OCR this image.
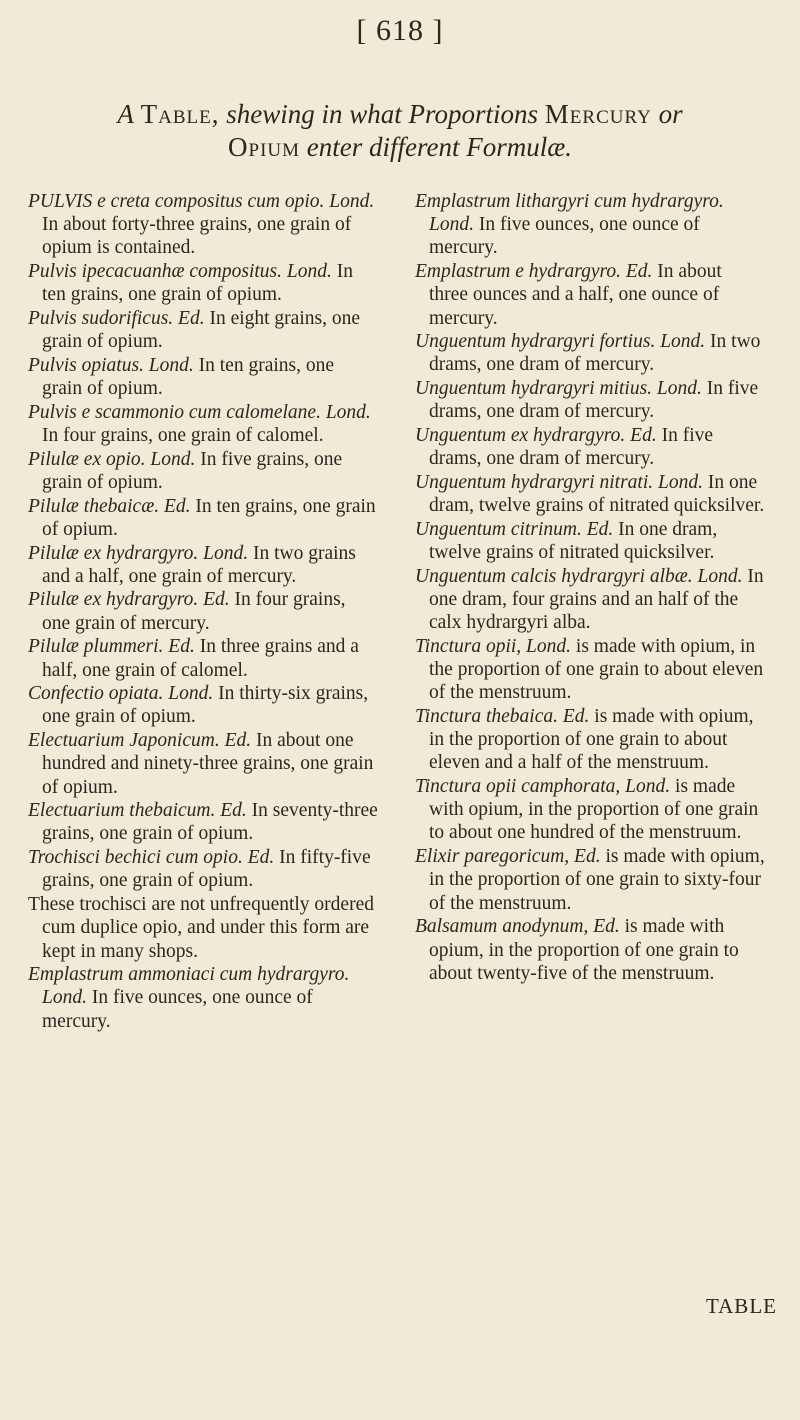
[ 618 ]
A Table, shewing in what Proportions Mercury or
Opium enter different Formulæ.

PULVIS e creta compositus cum opio. Lond. In about forty-three grains, one grain of opium is contained.

Pulvis ipecacuanhæ compositus. Lond. In ten grains, one grain of opium.

Pulvis sudorificus. Ed. In eight grains, one grain of opium.

Pulvis opiatus. Lond. In ten grains, one grain of opium.

Pulvis e scammonio cum calomelane. Lond. In four grains, one grain of calomel.

Pilulæ ex opio. Lond. In five grains, one grain of opium.

Pilulæ thebaicæ. Ed. In ten grains, one grain of opium.

Pilulæ ex hydrargyro. Lond. In two grains and a half, one grain of mercury.

Pilulæ ex hydrargyro. Ed. In four grains, one grain of mercury.

Pilulæ plummeri. Ed. In three grains and a half, one grain of calomel.

Confectio opiata. Lond. In thirty-six grains, one grain of opium.

Electuarium Japonicum. Ed. In about one hundred and ninety-three grains, one grain of opium.

Electuarium thebaicum. Ed. In seventy-three grains, one grain of opium.

Trochisci bechici cum opio. Ed. In fifty-five grains, one grain of opium.

These trochisci are not unfrequently ordered cum duplice opio, and under this form are kept in many shops.

Emplastrum ammoniaci cum hydrargyro. Lond. In five ounces, one ounce of mercury.

Emplastrum lithargyri cum hydrargyro. Lond. In five ounces, one ounce of mercury.

Emplastrum e hydrargyro. Ed. In about three ounces and a half, one ounce of mercury.

Unguentum hydrargyri fortius. Lond. In two drams, one dram of mercury.

Unguentum hydrargyri mitius. Lond. In five drams, one dram of mercury.

Unguentum ex hydrargyro. Ed. In five drams, one dram of mercury.

Unguentum hydrargyri nitrati. Lond. In one dram, twelve grains of nitrated quicksilver.

Unguentum citrinum. Ed. In one dram, twelve grains of nitrated quicksilver.

Unguentum calcis hydrargyri albæ. Lond. In one dram, four grains and an half of the calx hydrargyri alba.

Tinctura opii, Lond. is made with opium, in the proportion of one grain to about eleven of the menstruum.

Tinctura thebaica. Ed. is made with opium, in the proportion of one grain to about eleven and a half of the menstruum.

Tinctura opii camphorata, Lond. is made with opium, in the proportion of one grain to about one hundred of the menstruum.

Elixir paregoricum, Ed. is made with opium, in the proportion of one grain to sixty-four of the menstruum.

Balsamum anodynum, Ed. is made with opium, in the proportion of one grain to about twenty-five of the menstruum.

TABLE
